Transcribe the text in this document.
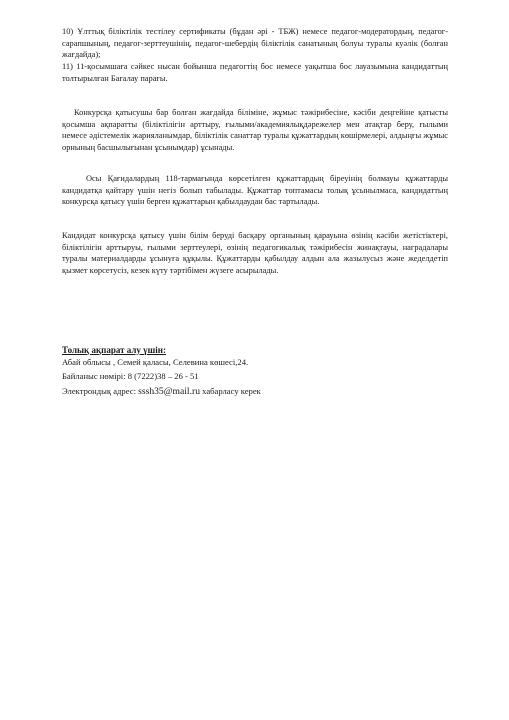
10) Ұлттық біліктілік тестілеу сертификаты (бұдан әрі - ТБЖ) немесе педагог-модератордың, педагог-сарапшының, педагог-зерттеушінің, педагог-шебердің біліктілік санатының болуы туралы куәлік (болған жағдайда);

11) 11-қосымшаға сәйкес нысан бойынша педагогтің бос немесе уақытша бос лауазымына кандидаттың толтырылған Бағалау парағы.

Конкурсқа қатысушы бар болған жағдайда біліміне, жұмыс тәжірибесіне, кәсіби деңгейіне қатысты қосымша ақпаратты (біліктілігін арттыру, ғылыми/академиялықдәрежелер мен атақтар беру, ғылыми немесе әдістемелік жарияланымдар, біліктілік санаттар туралы құжаттардың көшірмелері, алдыңғы жұмыс орнының басшылығынан ұсынымдар) ұсынады.

Осы Қағидалардың 118-тармағында көрсетілген құжаттардың біреуінің болмауы құжаттарды кандидатқа қайтару үшін негіз болып табылады. Құжаттар топтамасы толық ұсынылмаса, кандидаттың конкурсқа қатысу үшін берген құжаттарын қабылдаудан бас тартылады.

Кандидат конкурсқа қатысу үшін білім беруді басқару органының қарауына өзінің кәсіби жетістіктері, біліктілігін арттыруы, ғылыми зерттеулері, өзінің педагогикалық тәжірибесін жинақтауы, наградалары туралы материалдарды ұсынуға құқылы. Құжаттарды қабылдау алдын ала жазылусыз және жеделдетіп қызмет көрсетусіз, кезек күту тәртібімен жүзеге асырылады.

Толық ақпарат алу үшін:

Абай облысы , Семей қаласы, Селевина көшесі,24.

Байланыс нөмірі: 8 (7222)38 – 26 - 51

Электрондық адрес: sssh35@mail.ru хабарласу керек
